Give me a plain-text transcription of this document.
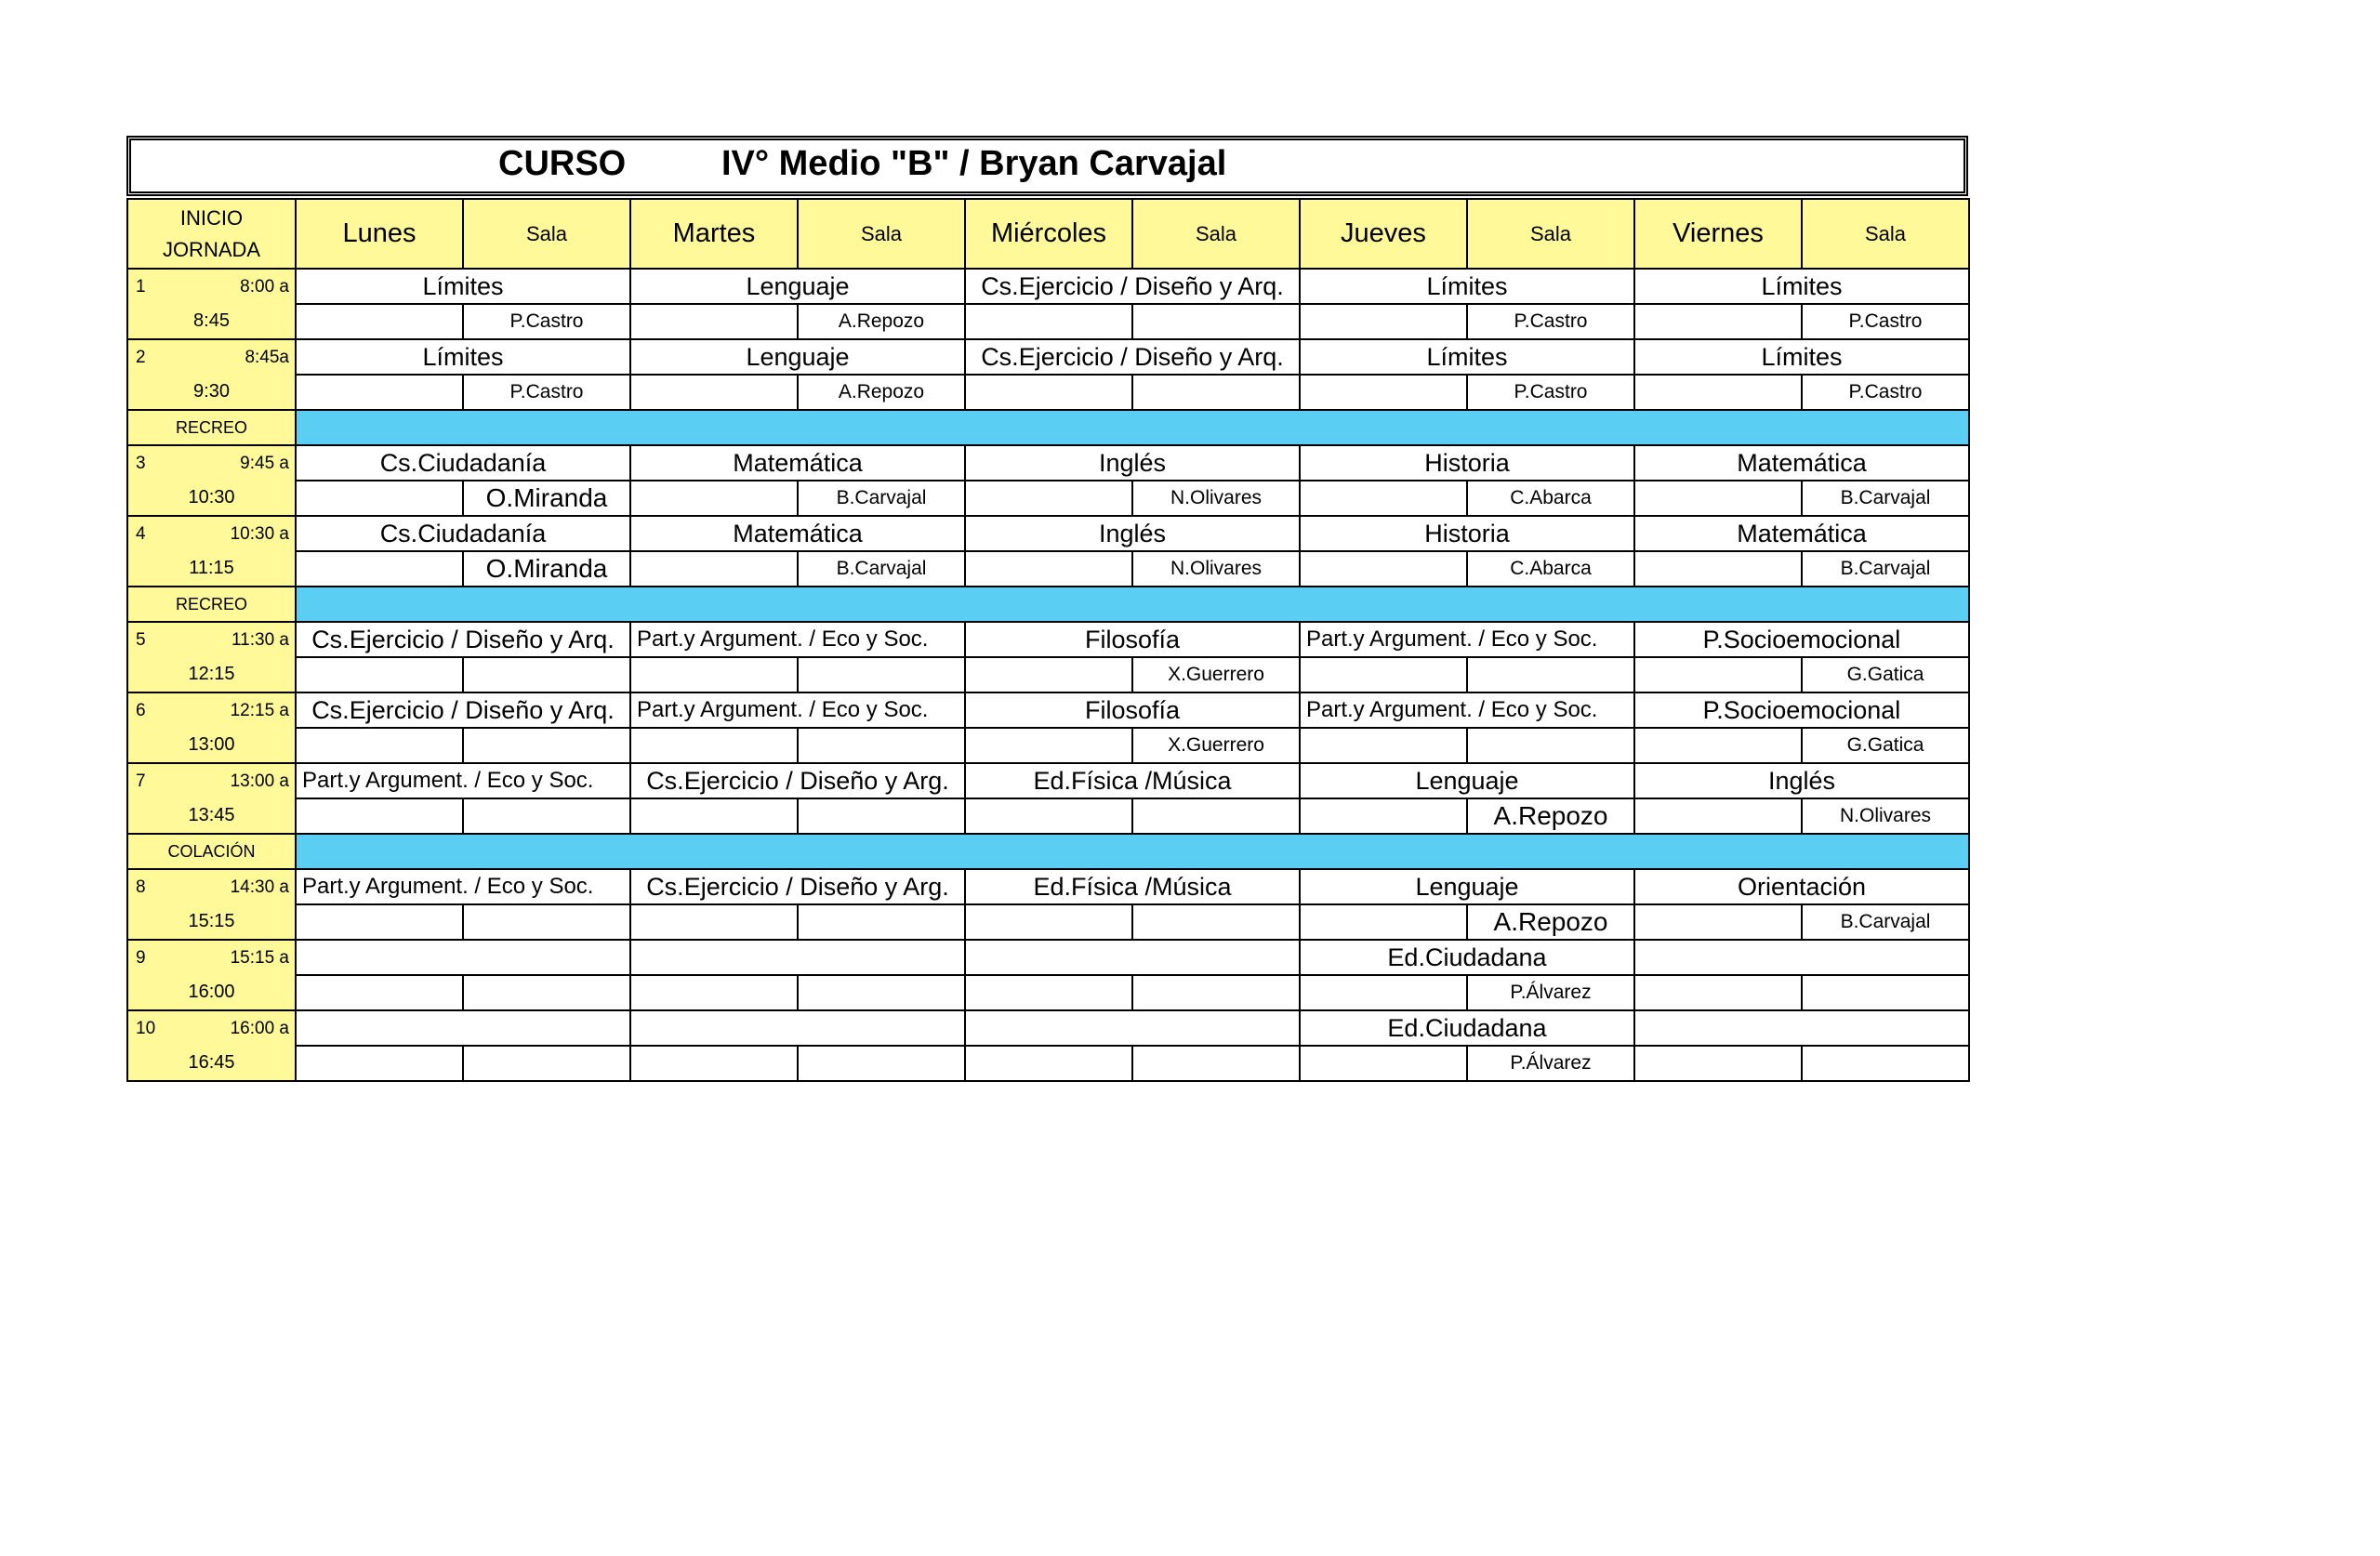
CURSO	IV° Medio "B" / Bryan Carvajal
INICIO
JORNADA	Lunes	Sala	Martes	Sala	Miércoles	Sala	Jueves	Sala	Viernes	Sala

1 8:00 a
8:45	Límites		Lenguaje		Cs.Ejercicio / Diseño y Arq.		Límites		Límites	
		P.Castro		A.Repozo				P.Castro		P.Castro

2 8:45a
9:30	Límites		Lenguaje		Cs.Ejercicio / Diseño y Arq.		Límites		Límites	
		P.Castro		A.Repozo				P.Castro		P.Castro
RECREO										

3 9:45 a
10:30	Cs.Ciudadanía		Matemática		Inglés		Historia		Matemática	
		O.Miranda		B.Carvajal		N.Olivares		C.Abarca		B.Carvajal

4 10:30 a
11:15	Cs.Ciudadanía		Matemática		Inglés		Historia		Matemática	
		O.Miranda		B.Carvajal		N.Olivares		C.Abarca		B.Carvajal
RECREO										

5 11:30 a
12:15	Cs.Ejercicio / Diseño y Arq.		Part.y Argument. / Eco y Soc.		Filosofía		Part.y Argument. / Eco y Soc.		P.Socioemocional	
						X.Guerrero				G.Gatica

6 12:15 a
13:00	Cs.Ejercicio / Diseño y Arq.		Part.y Argument. / Eco y Soc.		Filosofía		Part.y Argument. / Eco y Soc.		P.Socioemocional	
						X.Guerrero				G.Gatica

7 13:00 a
13:45	Part.y Argument. / Eco y Soc.		Cs.Ejercicio / Diseño y Arg.		Ed.Física /Música		Lenguaje		Inglés	
								A.Repozo		N.Olivares
COLACIÓN										

8 14:30 a
15:15	Part.y Argument. / Eco y Soc.		Cs.Ejercicio / Diseño y Arg.		Ed.Física /Música		Lenguaje		Orientación	
								A.Repozo		B.Carvajal

9 15:15 a
16:00							Ed.Ciudadana			
								P.Álvarez		

10 16:00 a
16:45							Ed.Ciudadana			
								P.Álvarez		
